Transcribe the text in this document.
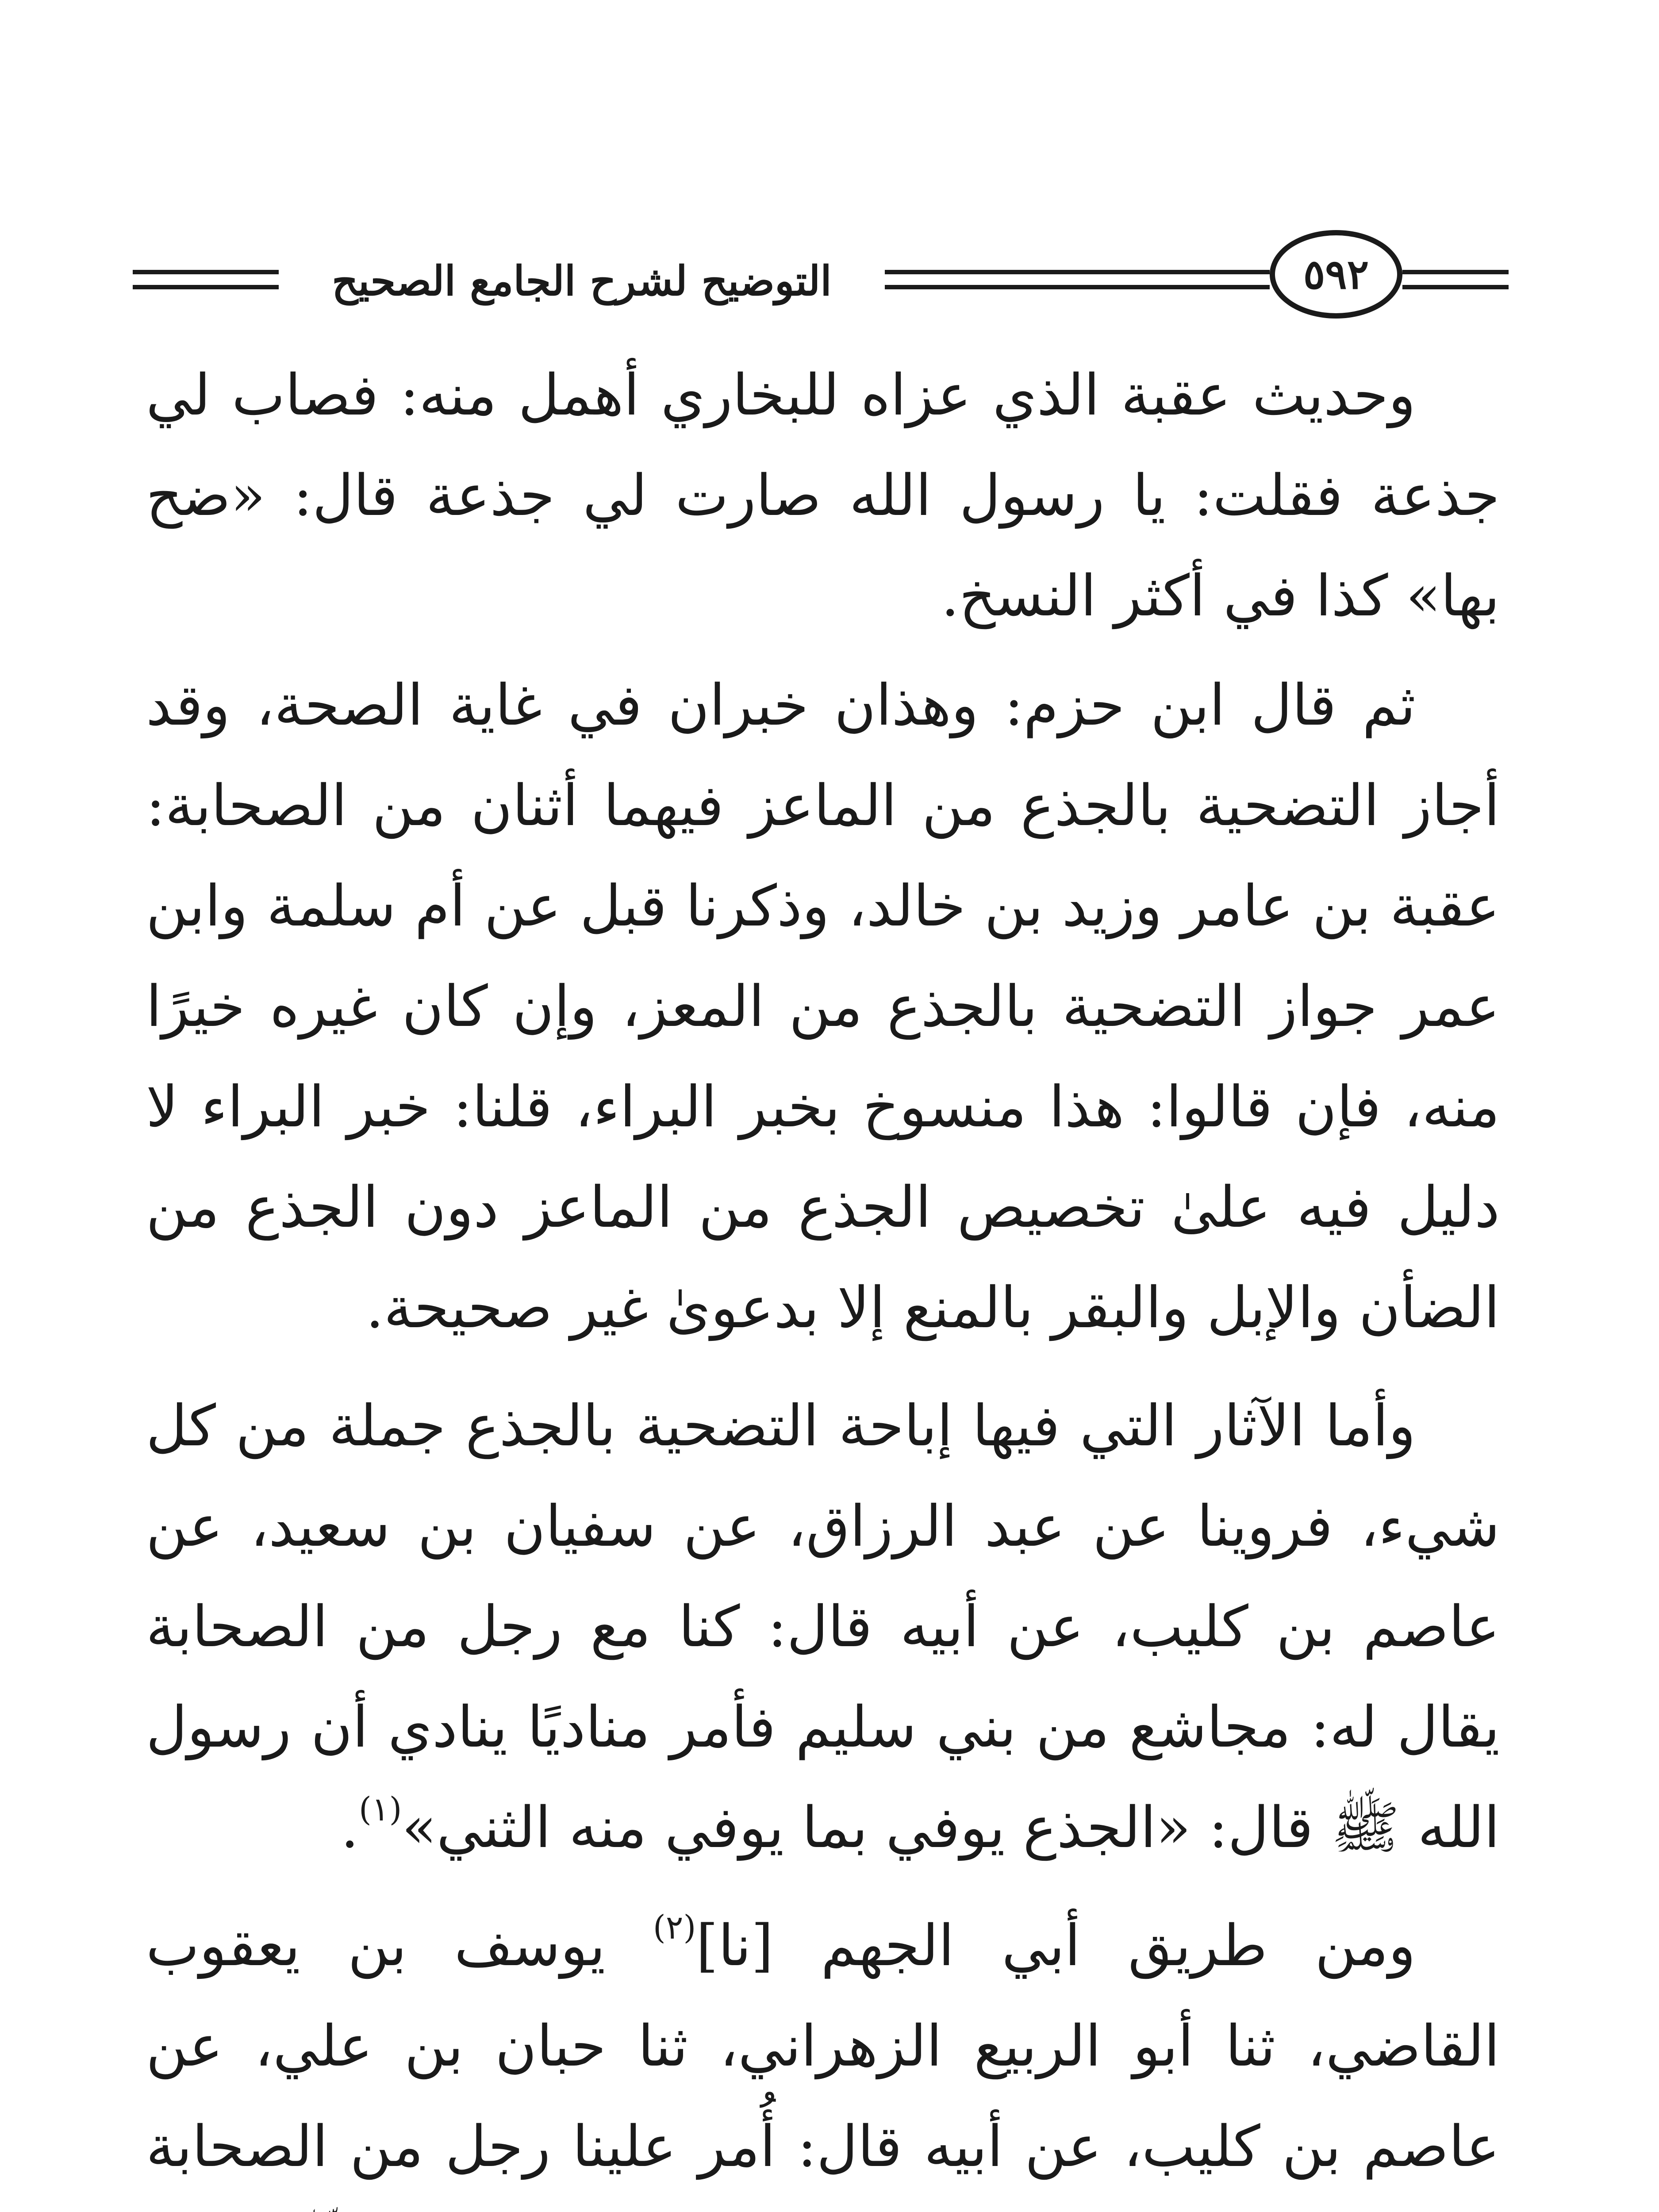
التوضيح لشرح الجامع الصحيح	٥٩٢

وحديث عقبة الذي عزاه للبخاري أهمل منه: فصاب لي جذعة فقلت: يا رسول الله صارت لي جذعة قال: «ضح بها» كذا في أكثر النسخ.

ثم قال ابن حزم: وهذان خبران في غاية الصحة، وقد أجاز التضحية بالجذع من الماعز فيهما أثنان من الصحابة: عقبة بن عامر وزيد بن خالد، وذكرنا قبل عن أم سلمة وابن عمر جواز التضحية بالجذع من المعز، وإن كان غيره خيرًا منه، فإن قالوا: هذا منسوخ بخبر البراء، قلنا: خبر البراء لا دليل فيه علىٰ تخصيص الجذع من الماعز دون الجذع من الضأن والإبل والبقر بالمنع إلا بدعوىٰ غير صحيحة.

وأما الآثار التي فيها إباحة التضحية بالجذع جملة من كل شيء، فروينا عن عبد الرزاق، عن سفيان بن سعيد، عن عاصم بن كليب، عن أبيه قال: كنا مع رجل من الصحابة يقال له: مجاشع من بني سليم فأمر مناديًا ينادي أن رسول الله ﷺ قال: «الجذع يوفي بما يوفي منه الثني»$^{(١)}$.

ومن طريق أبي الجهم [نا]$^{(٢)}$ يوسف بن يعقوب القاضي، ثنا أبو الربيع الزهراني، ثنا حبان بن علي، عن عاصم بن كليب، عن أبيه قال: أُمر علينا رجل من الصحابة
